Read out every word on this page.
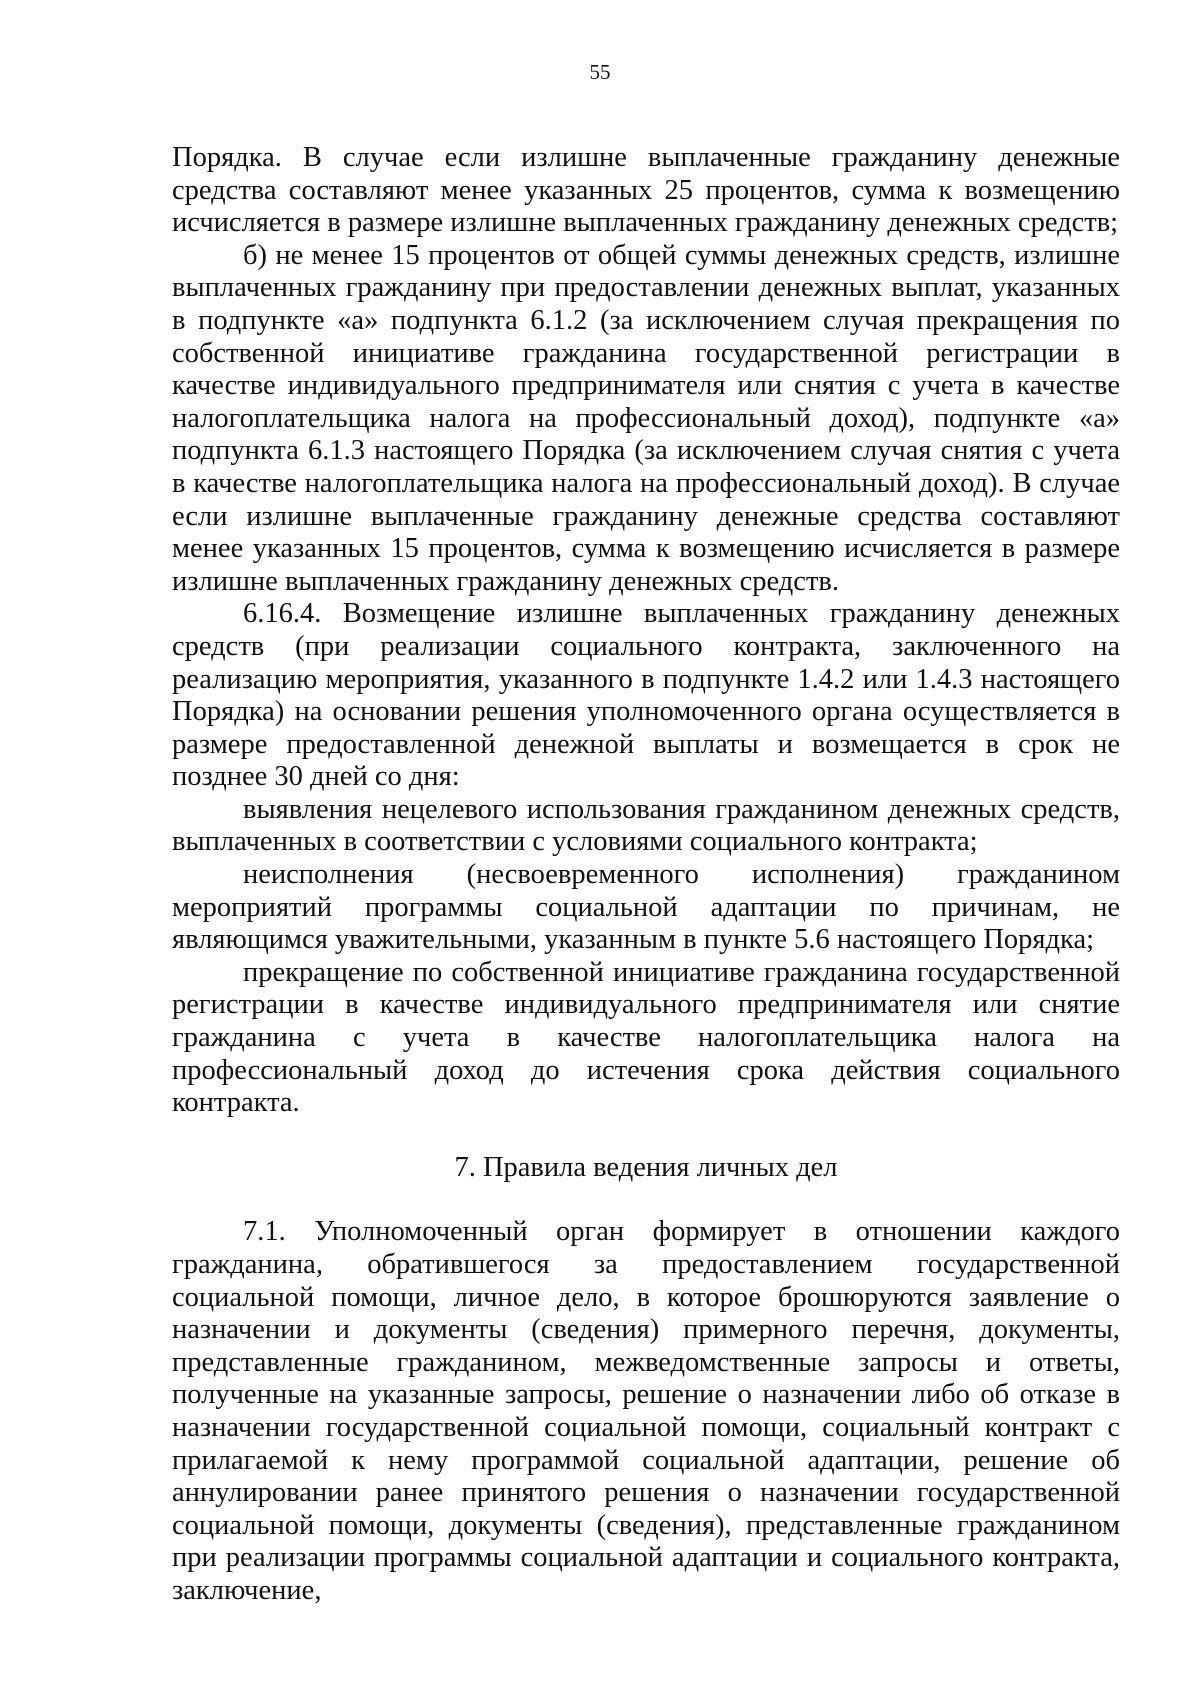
55

Порядка. В случае если излишне выплаченные гражданину денежные средства составляют менее указанных 25 процентов, сумма к возмещению исчисляется в размере излишне выплаченных гражданину денежных средств;

б) не менее 15 процентов от общей суммы денежных средств, излишне выплаченных гражданину при предоставлении денежных выплат, указанных в подпункте «а» подпункта 6.1.2 (за исключением случая прекращения по собственной инициативе гражданина государственной регистрации в качестве индивидуального предпринимателя или снятия с учета в качестве налогоплательщика налога на профессиональный доход), подпункте «а» подпункта 6.1.3 настоящего Порядка (за исключением случая снятия с учета в качестве налогоплательщика налога на профессиональный доход). В случае если излишне выплаченные гражданину денежные средства составляют менее указанных 15 процентов, сумма к возмещению исчисляется в размере излишне выплаченных гражданину денежных средств.

6.16.4. Возмещение излишне выплаченных гражданину денежных средств (при реализации социального контракта, заключенного на реализацию мероприятия, указанного в подпункте 1.4.2 или 1.4.3 настоящего Порядка) на основании решения уполномоченного органа осуществляется в размере предоставленной денежной выплаты и возмещается в срок не позднее 30 дней со дня:

выявления нецелевого использования гражданином денежных средств, выплаченных в соответствии с условиями социального контракта;

неисполнения (несвоевременного исполнения) гражданином мероприятий программы социальной адаптации по причинам, не являющимся уважительными, указанным в пункте 5.6 настоящего Порядка;

прекращение по собственной инициативе гражданина государственной регистрации в качестве индивидуального предпринимателя или снятие гражданина с учета в качестве налогоплательщика налога на профессиональный доход до истечения срока действия социального контракта.

7. Правила ведения личных дел

7.1. Уполномоченный орган формирует в отношении каждого гражданина, обратившегося за предоставлением государственной социальной помощи, личное дело, в которое брошюруются заявление о назначении и документы (сведения) примерного перечня, документы, представленные гражданином, межведомственные запросы и ответы, полученные на указанные запросы, решение о назначении либо об отказе в назначении государственной социальной помощи, социальный контракт с прилагаемой к нему программой социальной адаптации, решение об аннулировании ранее принятого решения о назначении государственной социальной помощи, документы (сведения), представленные гражданином при реализации программы социальной адаптации и социального контракта, заключение,
